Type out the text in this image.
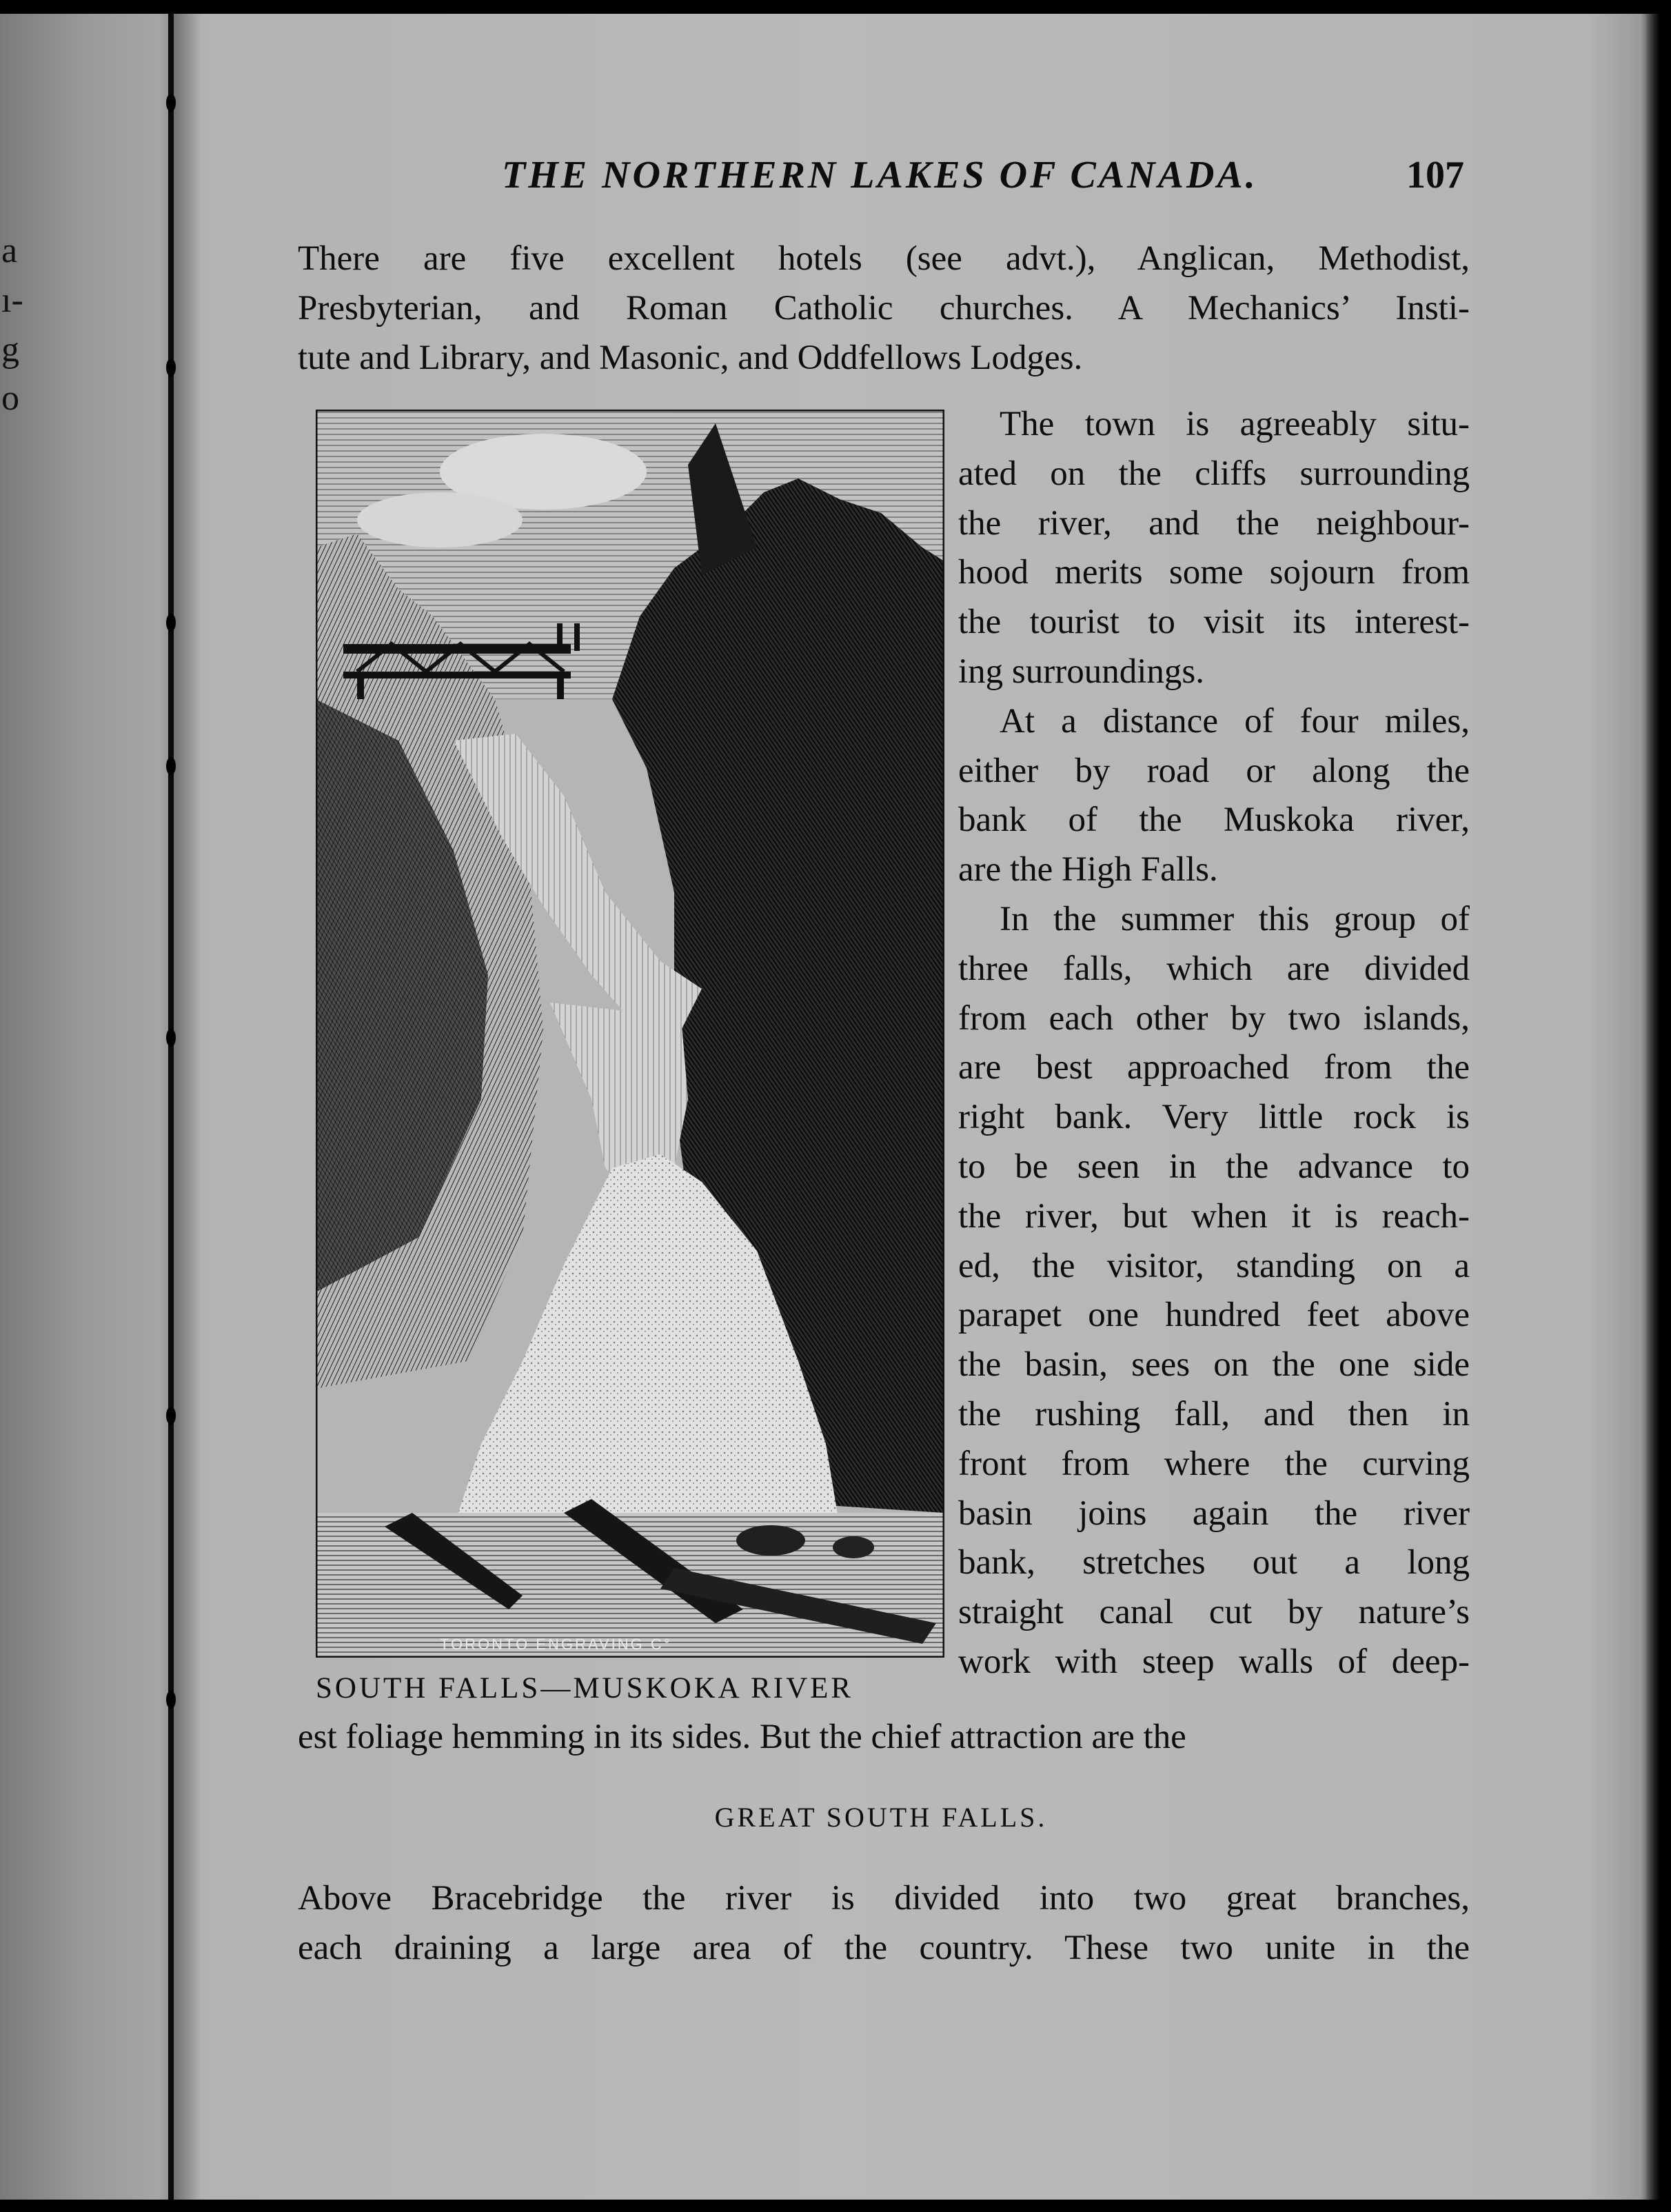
a
ı-
g
o
THE NORTHERN LAKES OF CANADA.	107
There are five excellent hotels (see advt.), Anglican, Methodist,
Presbyterian, and Roman Catholic churches. A Mechanics’ Insti-
tute and Library, and Masonic, and Oddfellows Lodges.
TORONTO ENGRAVING C°
The town is agreeably situ-
ated on the cliffs surrounding
the river, and the neighbour-
hood merits some sojourn from
the tourist to visit its interest-
ing surroundings.
At a distance of four miles,
either by road or along the
bank of the Muskoka river,
are the High Falls.
In the summer this group of
three falls, which are divided
from each other by two islands,
are best approached from the
right bank. Very little rock is
to be seen in the advance to
the river, but when it is reach-
ed, the visitor, standing on a
parapet one hundred feet above
the basin, sees on the one side
the rushing fall, and then in
front from where the curving
basin joins again the river
bank, stretches out a long
straight canal cut by nature’s
work with steep walls of deep-
SOUTH FALLS—MUSKOKA RIVER
est foliage hemming in its sides. But the chief attraction are the
GREAT SOUTH FALLS.
Above Bracebridge the river is divided into two great branches,
each draining a large area of the country. These two unite in the
